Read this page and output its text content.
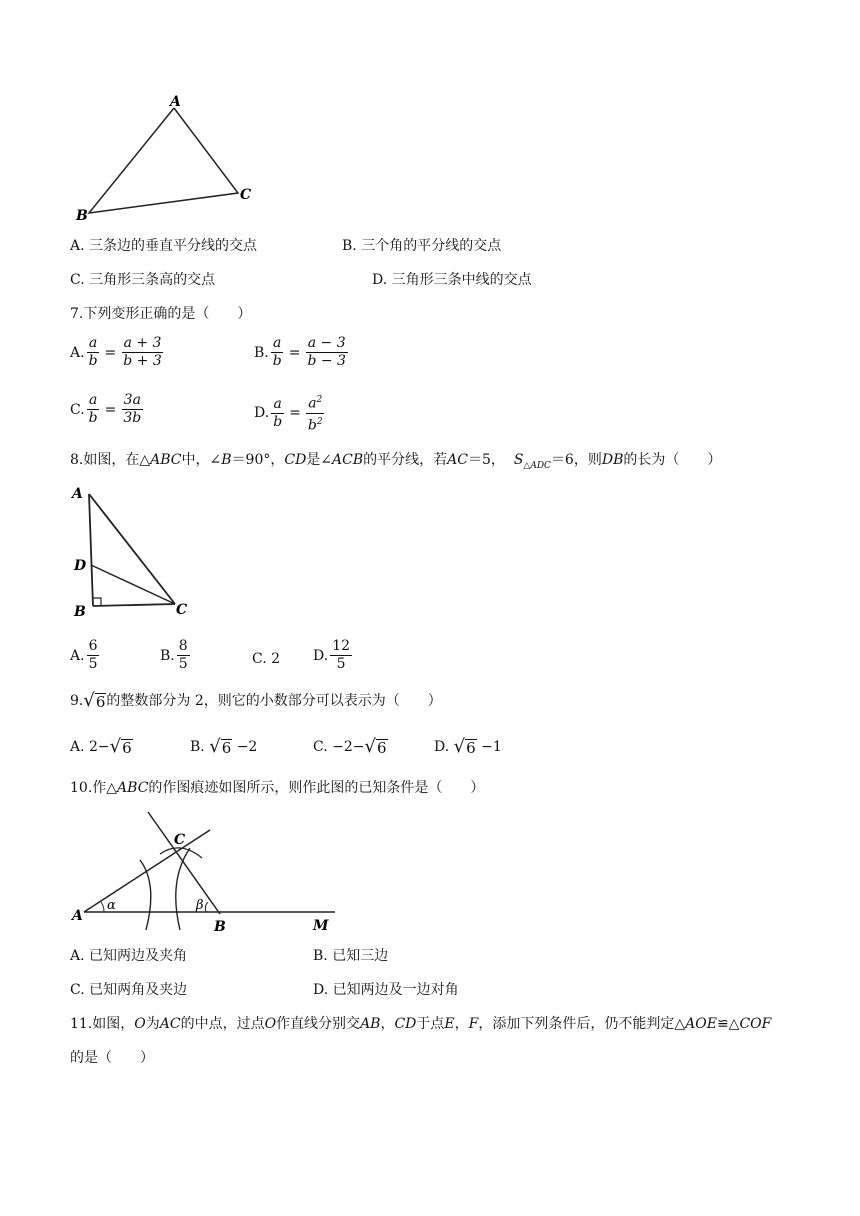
A
B
C
A. 三条边的垂直平分线的交点	B. 三个角的平分线的交点
C. 三角形三条高的交点	D. 三角形三条中线的交点
7.下列变形正确的是（　　）
A. $\frac{a}{b} = \frac{a + 3}{b + 3}$	B. $\frac{a}{b} = \frac{a - 3}{b - 3}$
C. $\frac{a}{b} = \frac{3a}{3b}$	D. $\frac{a}{b} = \frac{a^2}{b^2}$
8.如图，在△ABC中，∠B＝90°，CD是∠ACB的平分线，若AC＝5， $S_{\triangle ADC}=6$，则DB的长为（　　）
A
D
B	C
A. $\frac{6}{5}$	B. $\frac{8}{5}$	C. 2 D. $\frac{12}{5}$
9. √ 6 的整数部分为 2，则它的小数部分可以表示为（　　）
A. 2− √ 6	B.
√ 6
−2	C. −2− √ 6	D.
√ 6
−1
10.作△ABC的作图痕迹如图所示，则作此图的已知条件是（　　）
A
B
C
M
α	β
A. 已知两边及夹角	B. 已知三边
C. 已知两角及夹边	D. 已知两边及一边对角
11.如图，O为AC的中点，过点O作直线分别交AB，CD于点E，F，添加下列条件后，仍不能判定△AOE≌△COF
的是（　　）
